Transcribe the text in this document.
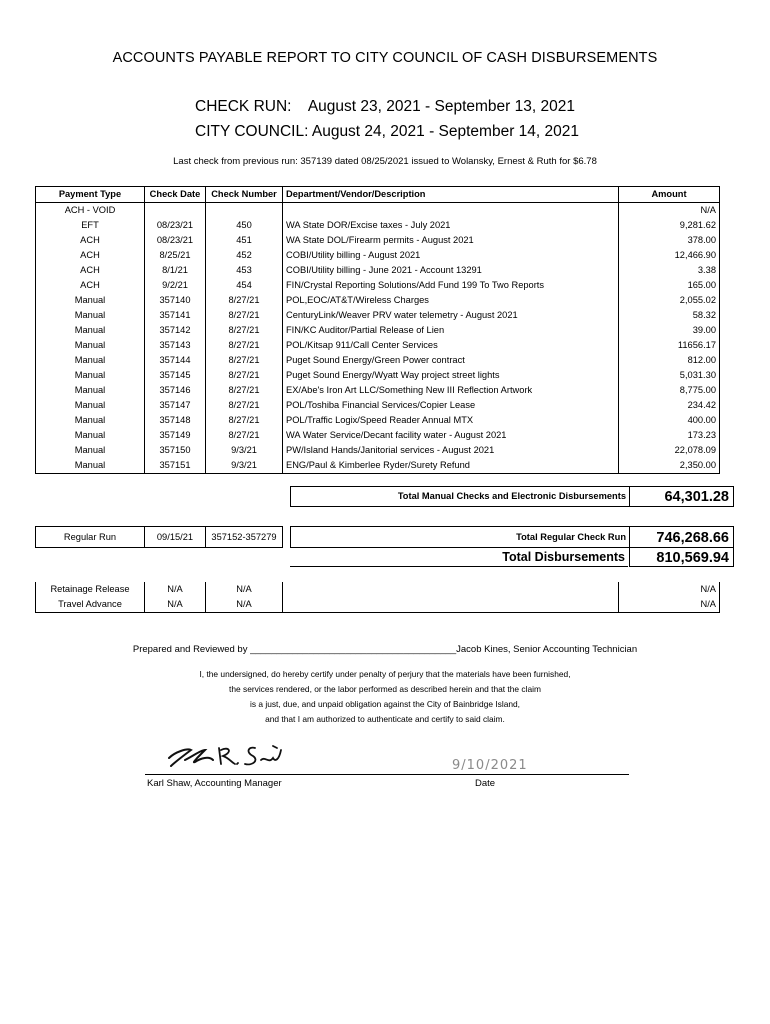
ACCOUNTS PAYABLE REPORT TO CITY COUNCIL OF CASH DISBURSEMENTS
CHECK RUN: August 23, 2021 - September 13, 2021
CITY COUNCIL: August 24, 2021 - September 14, 2021
Last check from previous run: 357139 dated 08/25/2021 issued to Wolansky, Ernest & Ruth for $6.78
Payment Type	Check Date	Check Number	Department/Vendor/Description	Amount
ACH - VOID				N/A
EFT	08/23/21	450	WA State DOR/Excise taxes - July 2021	9,281.62
ACH	08/23/21	451	WA State DOL/Firearm permits - August 2021	378.00
ACH	8/25/21	452	COBI/Utility billing - August 2021	12,466.90
ACH	8/1/21	453	COBI/Utility billing - June 2021 - Account 13291	3.38
ACH	9/2/21	454	FIN/Crystal Reporting Solutions/Add Fund 199 To Two Reports	165.00
Manual	357140	8/27/21	POL,EOC/AT&T/Wireless Charges	2,055.02
Manual	357141	8/27/21	CenturyLink/Weaver PRV water telemetry - August 2021	58.32
Manual	357142	8/27/21	FIN/KC Auditor/Partial Release of Lien	39.00
Manual	357143	8/27/21	POL/Kitsap 911/Call Center Services	11656.17
Manual	357144	8/27/21	Puget Sound Energy/Green Power contract	812.00
Manual	357145	8/27/21	Puget Sound Energy/Wyatt Way project street lights	5,031.30
Manual	357146	8/27/21	EX/Abe's Iron Art LLC/Something New III Reflection Artwork	8,775.00
Manual	357147	8/27/21	POL/Toshiba Financial Services/Copier Lease	234.42
Manual	357148	8/27/21	POL/Traffic Logix/Speed Reader Annual MTX	400.00
Manual	357149	8/27/21	WA Water Service/Decant facility water - August 2021	173.23
Manual	357150	9/3/21	PW/Island Hands/Janitorial services - August 2021	22,078.09
Manual	357151	9/3/21	ENG/Paul & Kimberlee Ryder/Surety Refund	2,350.00
Total Manual Checks and Electronic Disbursements	64,301.28
Regular Run	09/15/21	357152-357279	Total Regular Check Run	746,268.66
Total Disbursements	810,569.94
Retainage Release	N/A	N/A		N/A
Travel Advance	N/A	N/A		N/A
Prepared and Reviewed by _______________________________________Jacob Kines, Senior Accounting Technician
I, the undersigned, do hereby certify under penalty of perjury that the materials have been furnished,
the services rendered, or the labor performed as described herein and that the claim
is a just, due, and unpaid obligation against the City of Bainbridge Island,
and that I am authorized to authenticate and certify to said claim.
9/10/2021
Karl Shaw, Accounting Manager	Date
